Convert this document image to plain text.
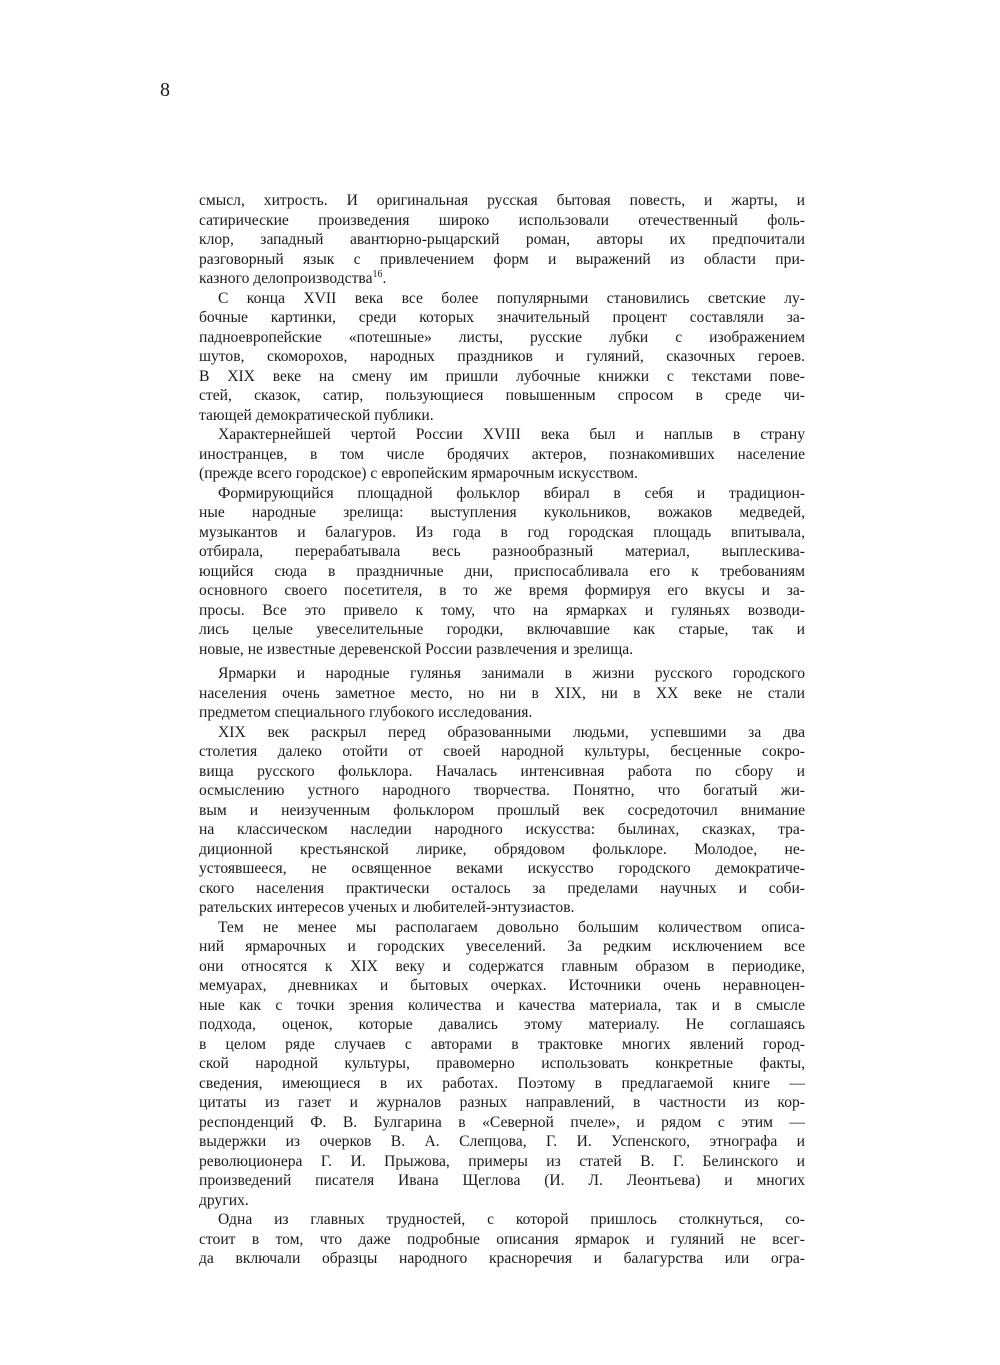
8
смысл, хитрость. И оригинальная русская бытовая повесть, и жарты, и
сатирические произведения широко использовали отечественный фоль-
клор, западный авантюрно-рыцарский роман, авторы их предпочитали
разговорный язык с привлечением форм и выражений из области при-
казного делопроизводства$^{16}$.
С конца XVII века все более популярными становились светские лу-
бочные картинки, среди которых значительный процент составляли за-
падноевропейские «потешные» листы, русские лубки с изображением
шутов, скоморохов, народных праздников и гуляний, сказочных героев.
В XIX веке на смену им пришли лубочные книжки с текстами пове-
стей, сказок, сатир, пользующиеся повышенным спросом в среде чи-
тающей демократической публики.
Характернейшей чертой России XVIII века был и наплыв в страну
иностранцев, в том числе бродячих актеров, познакомивших население
(прежде всего городское) с европейским ярмарочным искусством.
Формирующийся площадной фольклор вбирал в себя и традицион-
ные народные зрелища: выступления кукольников, вожаков медведей,
музыкантов и балагуров. Из года в год городская площадь впитывала,
отбирала, перерабатывала весь разнообразный материал, выплескива-
ющийся сюда в праздничные дни, приспосабливала его к требованиям
основного своего посетителя, в то же время формируя его вкусы и за-
просы. Все это привело к тому, что на ярмарках и гуляньях возводи-
лись целые увеселительные городки, включавшие как старые, так и
новые, не известные деревенской России развлечения и зрелища.
Ярмарки и народные гулянья занимали в жизни русского городского
населения очень заметное место, но ни в XIX, ни в XX веке не стали
предметом специального глубокого исследования.
XIX век раскрыл перед образованными людьми, успевшими за два
столетия далеко отойти от своей народной культуры, бесценные сокро-
вища русского фольклора. Началась интенсивная работа по сбору и
осмыслению устного народного творчества. Понятно, что богатый жи-
вым и неизученным фольклором прошлый век сосредоточил внимание
на классическом наследии народного искусства: былинах, сказках, тра-
диционной крестьянской лирике, обрядовом фольклоре. Молодое, не-
устоявшееся, не освященное веками искусство городского демократиче-
ского населения практически осталось за пределами научных и соби-
рательских интересов ученых и любителей-энтузиастов.
Тем не менее мы располагаем довольно большим количеством описа-
ний ярмарочных и городских увеселений. За редким исключением все
они относятся к XIX веку и содержатся главным образом в периодике,
мемуарах, дневниках и бытовых очерках. Источники очень неравноцен-
ные как с точки зрения количества и качества материала, так и в смысле
подхода, оценок, которые давались этому материалу. Не соглашаясь
в целом ряде случаев с авторами в трактовке многих явлений город-
ской народной культуры, правомерно использовать конкретные факты,
сведения, имеющиеся в их работах. Поэтому в предлагаемой книге —
цитаты из газет и журналов разных направлений, в частности из кор-
респонденций Ф. В. Булгарина в «Северной пчеле», и рядом с этим —
выдержки из очерков В. А. Слепцова, Г. И. Успенского, этнографа и
революционера Г. И. Прыжова, примеры из статей В. Г. Белинского и
произведений писателя Ивана Щеглова (И. Л. Леонтьева) и многих
других.
Одна из главных трудностей, с которой пришлось столкнуться, со-
стоит в том, что даже подробные описания ярмарок и гуляний не всег-
да включали образцы народного красноречия и балагурства или огра-
